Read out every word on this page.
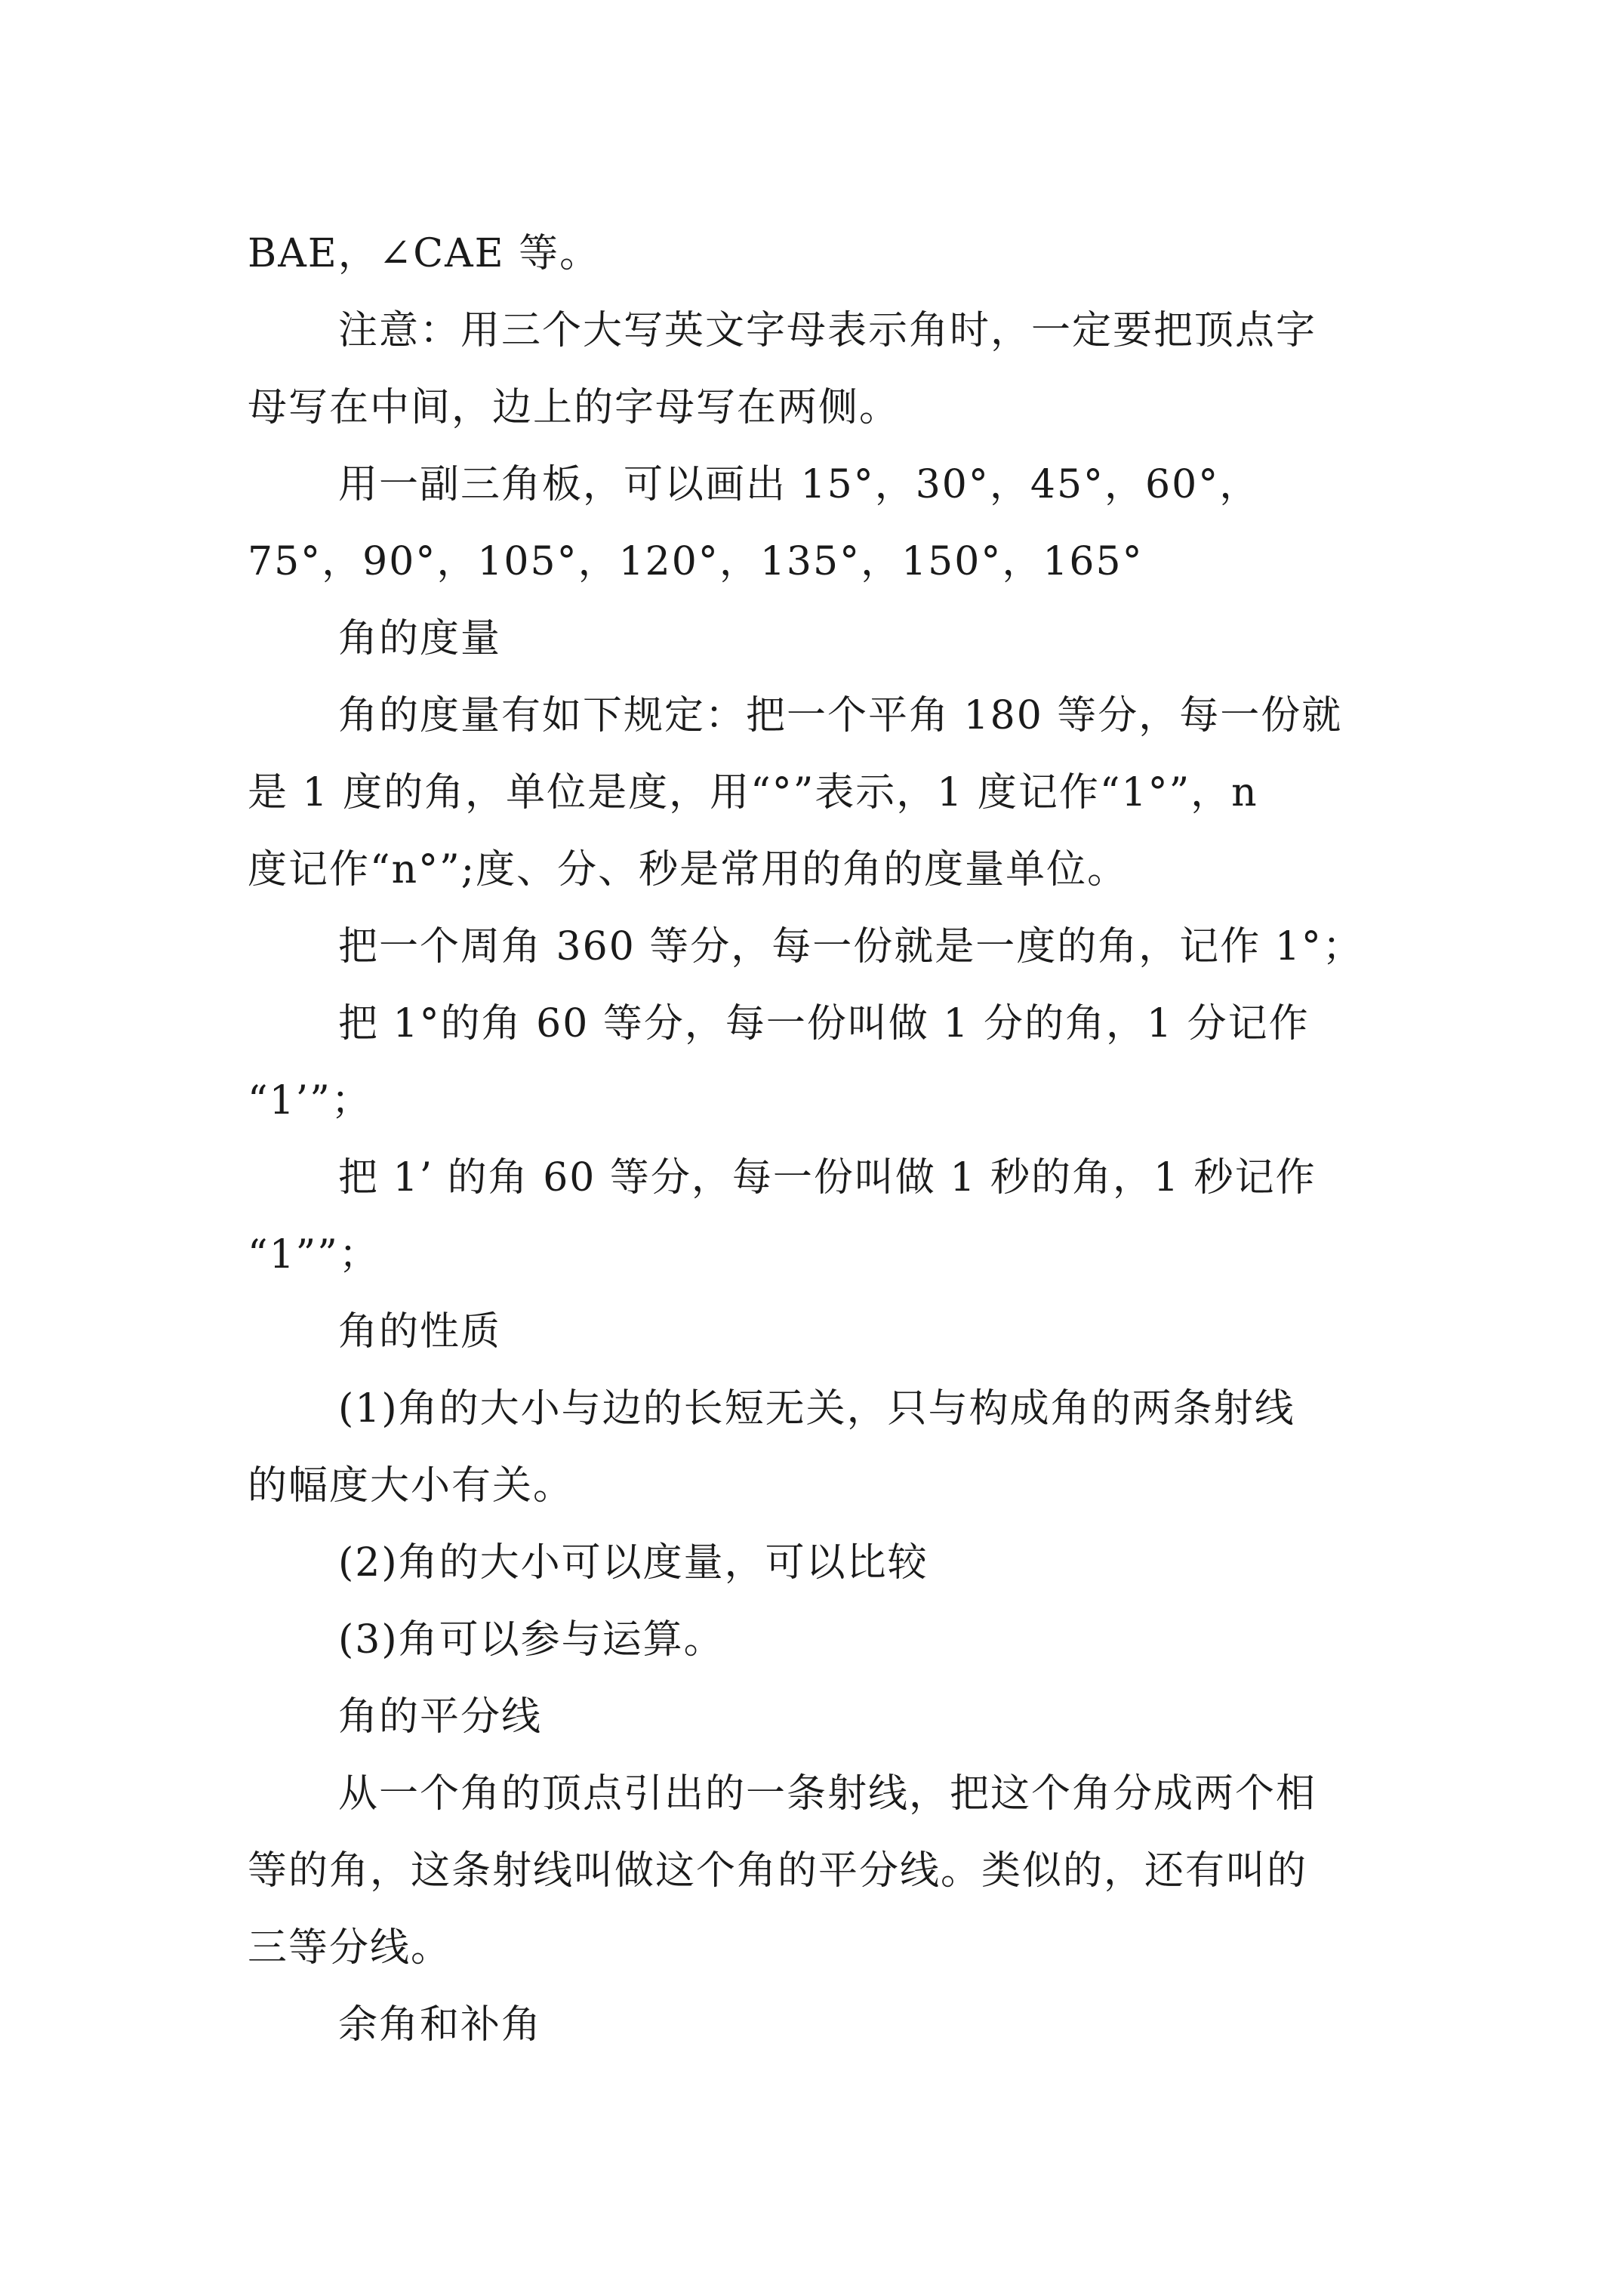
BAE，∠CAE 等。
注意：用三个大写英文字母表示角时，一定要把顶点字
母写在中间，边上的字母写在两侧。
用一副三角板，可以画出 15°，30°，45°，60°，
75°，90°，105°，120°，135°，150°，165°
角的度量
角的度量有如下规定：把一个平角 180 等分，每一份就
是 1 度的角，单位是度，用“°”表示，1 度记作“1°”，n
度记作“n°”;度、分、秒是常用的角的度量单位。
把一个周角 360 等分，每一份就是一度的角，记作 1°；
把 1°的角 60 等分，每一份叫做 1 分的角，1 分记作
“1’”；
把 1’ 的角 60 等分，每一份叫做 1 秒的角，1 秒记作
“1””；
角的性质
(1)角的大小与边的长短无关，只与构成角的两条射线
的幅度大小有关。
(2)角的大小可以度量，可以比较
(3)角可以参与运算。
角的平分线
从一个角的顶点引出的一条射线，把这个角分成两个相
等的角，这条射线叫做这个角的平分线。类似的，还有叫的
三等分线。
余角和补角
